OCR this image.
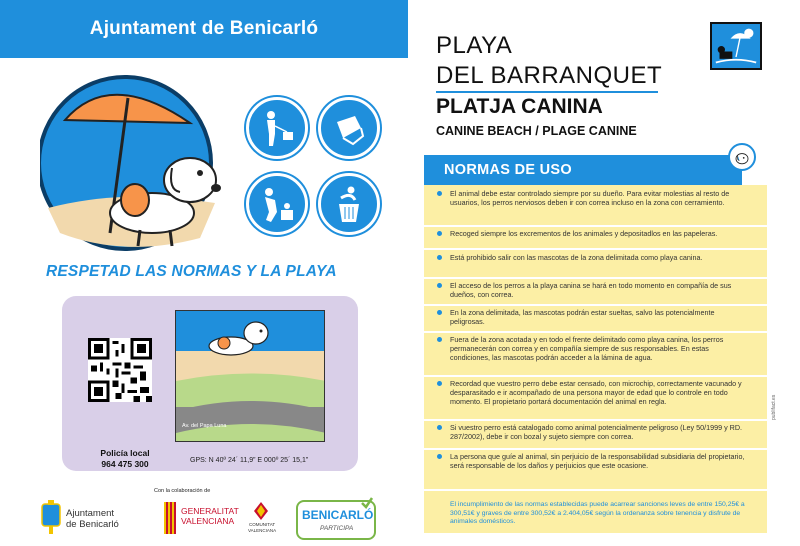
Ajuntament de Benicarló
RESPETAD LAS NORMAS Y LA PLAYA
Policía local
964 475 300
Av. del Papa Luna
GPS: N 40º 24´ 11,9” E 000º 25´ 15,1”
Con la colaboración de
Ajuntament
de Benicarló
GENERALITAT
VALENCIANA	COMUNITAT
VALENCIANA
BENICARLÓ
PARTICIPA
PLAYA
DEL BARRANQUET
PLATJA CANINA
CANINE BEACH / PLAGE CANINE
El animal debe estar controlado siempre por su dueño. Para evitar molestias al resto de usuarios, los perros nerviosos deben ir con correa incluso en la zona con cerramiento.
Recoged siempre los excrementos de los animales y depositadlos en las papeleras.
Está prohibido salir con las mascotas de la zona delimitada como playa canina.
El acceso de los perros a la playa canina se hará en todo momento en compañía de sus dueños, con correa.
En la zona delimitada, las mascotas podrán estar sueltas, salvo las potencialmente peligrosas.
Fuera de la zona acotada y en todo el frente delimitado como playa canina, los perros permanecerán con correa y en compañía siempre de sus responsables. En estas condiciones, las mascotas podrán acceder a la lámina de agua.
Recordad que vuestro perro debe estar censado, con microchip, correctamente vacunado y desparasitado e ir acompañado de una persona mayor de edad que lo controle en todo momento. El propietario portará documentación del animal en regla.
Si vuestro perro está catalogado como animal potencialmente peligroso (Ley 50/1999 y RD. 287/2002), debe ir con bozal y sujeto siempre con correa.
La persona que guíe al animal, sin perjuicio de la responsabilidad subsidiaria del propietario, será responsable de los daños y perjuicios que este ocasione.
El incumplimiento de las normas establecidas puede acarrear sanciones leves de entre 150,25€ a 300,51€ y graves de entre 300,52€ a 2.404,05€ según la ordenanza sobre tenencia y disfrute de animales domésticos.
NORMAS DE USO
publifact.es
